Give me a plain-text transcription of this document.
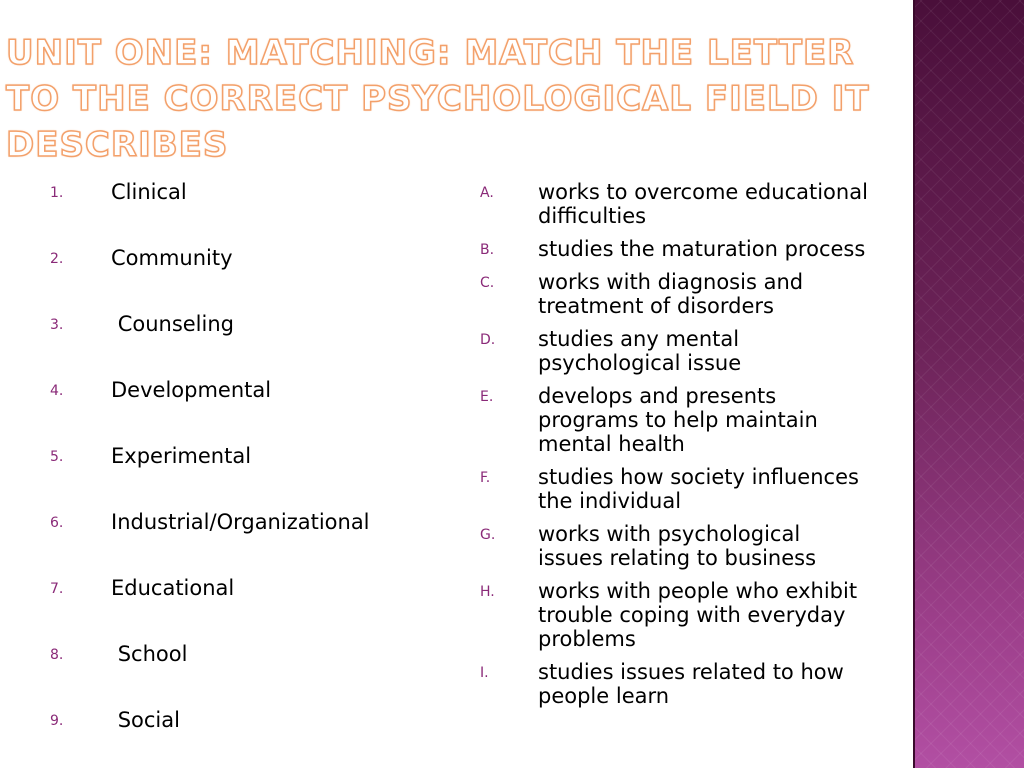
UNIT ONE: MATCHING: MATCH THE LETTER TO THE CORRECT PSYCHOLOGICAL FIELD IT DESCRIBES
1.	Clinical
2.	Community
3.	Counseling
4.	Developmental
5.	Experimental
6.	Industrial/Organizational
7.	Educational
8.	School
9.	Social
A.	works to overcome educational difficulties
B.	studies the maturation process
C.	works with diagnosis and treatment of disorders
D.	studies any mental psychological issue
E.	develops and presents programs to help maintain mental health
F.	studies how society influences the individual
G.	works with psychological issues relating to business
H.	works with people who exhibit trouble coping with everyday problems
I.	studies issues related to how people learn
